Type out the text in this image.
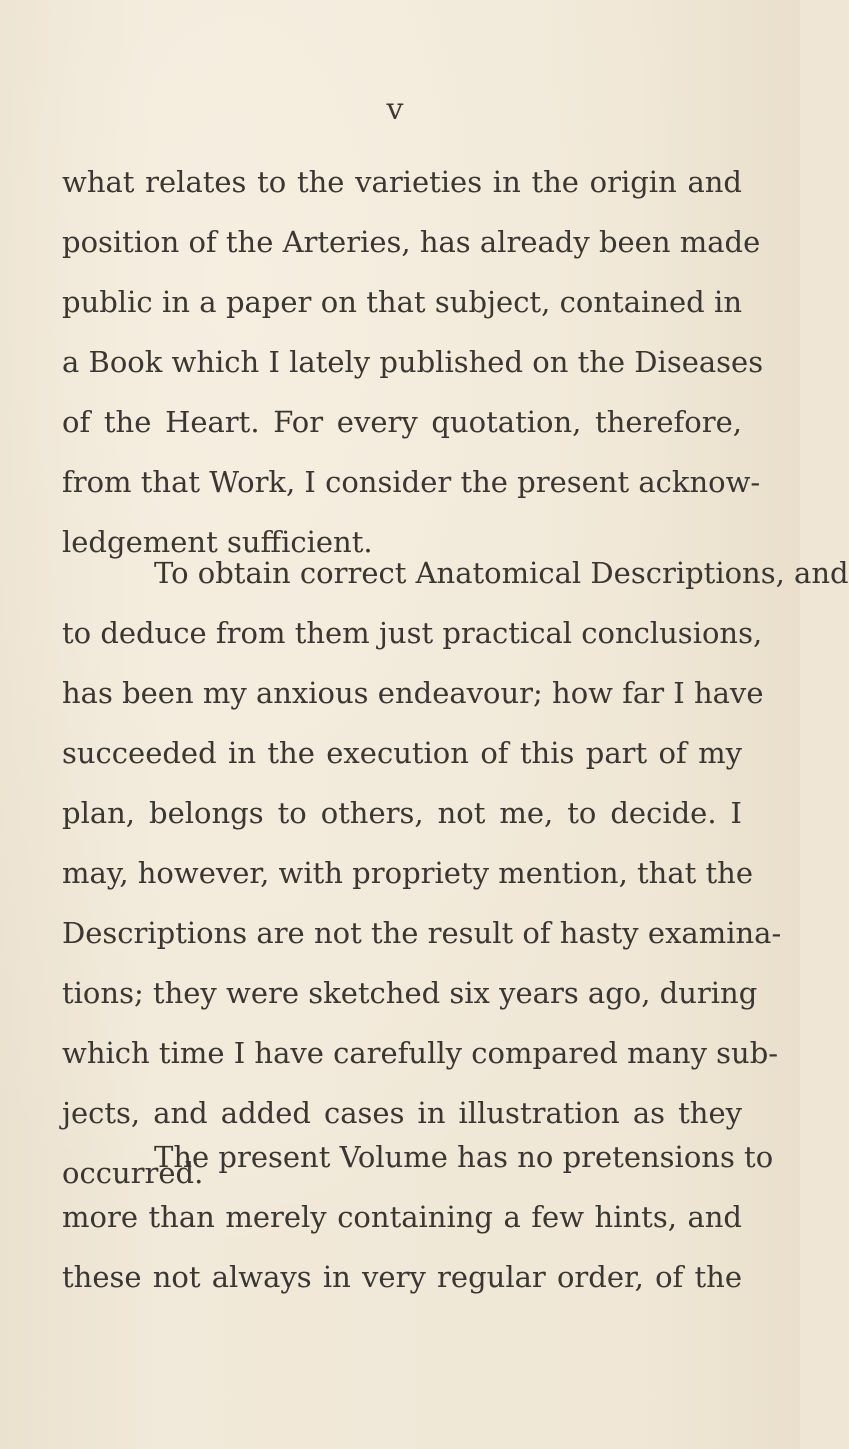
v

what relates to the varieties in the origin and
position of the Arteries, has already been made
public in a paper on that subject, contained in
a Book which I lately published on the Diseases
of the Heart. For every quotation, therefore,
from that Work, I consider the present acknow-
ledgement sufficient.

To obtain correct Anatomical Descriptions, and
to deduce from them just practical conclusions,
has been my anxious endeavour; how far I have
succeeded in the execution of this part of my
plan, belongs to others, not me, to decide. I
may, however, with propriety mention, that the
Descriptions are not the result of hasty examina-
tions; they were sketched six years ago, during
which time I have carefully compared many sub-
jects, and added cases in illustration as they
occurred.

The present Volume has no pretensions to
more than merely containing a few hints, and
these not always in very regular order, of the
